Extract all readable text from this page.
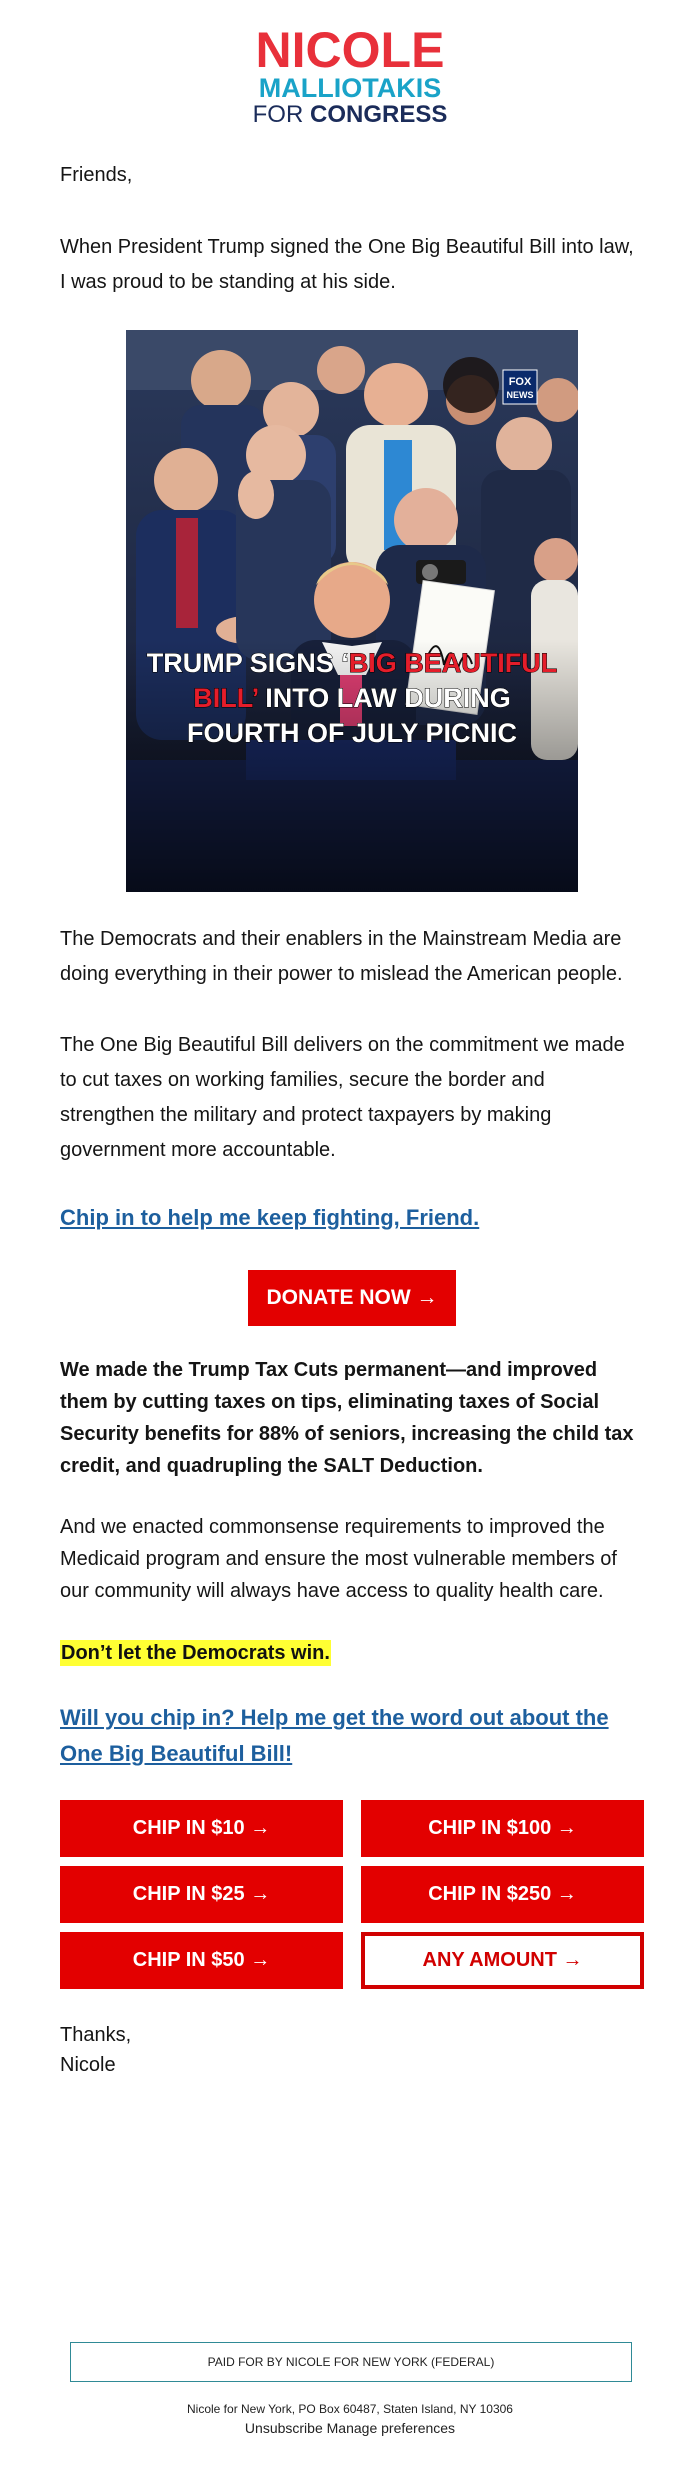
NICOLE
MALLIOTAKIS
FOR CONGRESS
Friends,
When President Trump signed the One Big Beautiful Bill into law, I was proud to be standing at his side.
FOX
NEWS
TRUMP SIGNS ‘BIG BEAUTIFUL
BILL’ INTO LAW DURING
FOURTH OF JULY PICNIC
The Democrats and their enablers in the Mainstream Media are doing everything in their power to mislead the American people.
The One Big Beautiful Bill delivers on the commitment we made to cut taxes on working families, secure the border and strengthen the military and protect taxpayers by making government more accountable.
Chip in to help me keep fighting, Friend.
DONATE NOW →
We made the Trump Tax Cuts permanent—and improved them by cutting taxes on tips, eliminating taxes of Social Security benefits for 88% of seniors, increasing the child tax credit, and quadrupling the SALT Deduction.
And we enacted commonsense requirements to improved the Medicaid program and ensure the most vulnerable members of our community will always have access to quality health care.
Don’t let the Democrats win.
Will you chip in? Help me get the word out about the One Big Beautiful Bill!
CHIP IN $10 →	CHIP IN $100 →
CHIP IN $25 →	CHIP IN $250 →
CHIP IN $50 →	ANY AMOUNT →
Thanks,
Nicole
PAID FOR BY NICOLE FOR NEW YORK (FEDERAL)
Nicole for New York, PO Box 60487, Staten Island, NY 10306
Unsubscribe Manage preferences
